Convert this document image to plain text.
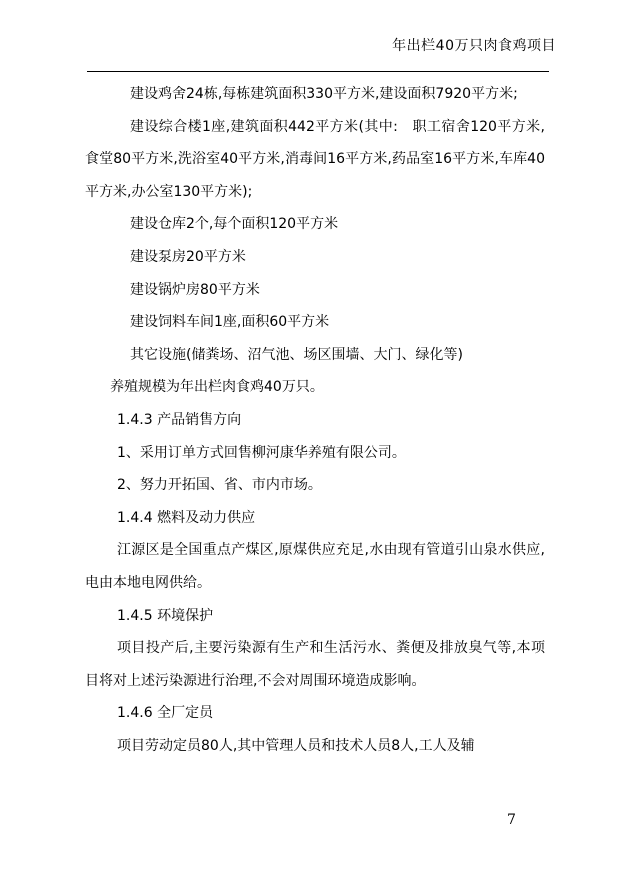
年出栏40万只肉食鸡项目

建设鸡舍24栋,每栋建筑面积330平方米,建设面积7920平方米;

建设综合楼1座,建筑面积442平方米(其中:　职工宿舍120平方米,食堂80平方米,洗浴室40平方米,消毒间16平方米,药品室16平方米,车库40平方米,办公室130平方米);

建设仓库2个,每个面积120平方米

建设泵房20平方米

建设锅炉房80平方米

建设饲料车间1座,面积60平方米

其它设施(储粪场、沼气池、场区围墙、大门、绿化等)

养殖规模为年出栏肉食鸡40万只。

1.4.3 产品销售方向

1、采用订单方式回售柳河康华养殖有限公司。

2、努力开拓国、省、市内市场。

1.4.4 燃料及动力供应

江源区是全国重点产煤区,原煤供应充足,水由现有管道引山泉水供应,电由本地电网供给。

1.4.5 环境保护

项目投产后,主要污染源有生产和生活污水、粪便及排放臭气等,本项目将对上述污染源进行治理,不会对周围环境造成影响。

1.4.6 全厂定员

项目劳动定员80人,其中管理人员和技术人员8人,工人及辅

7
